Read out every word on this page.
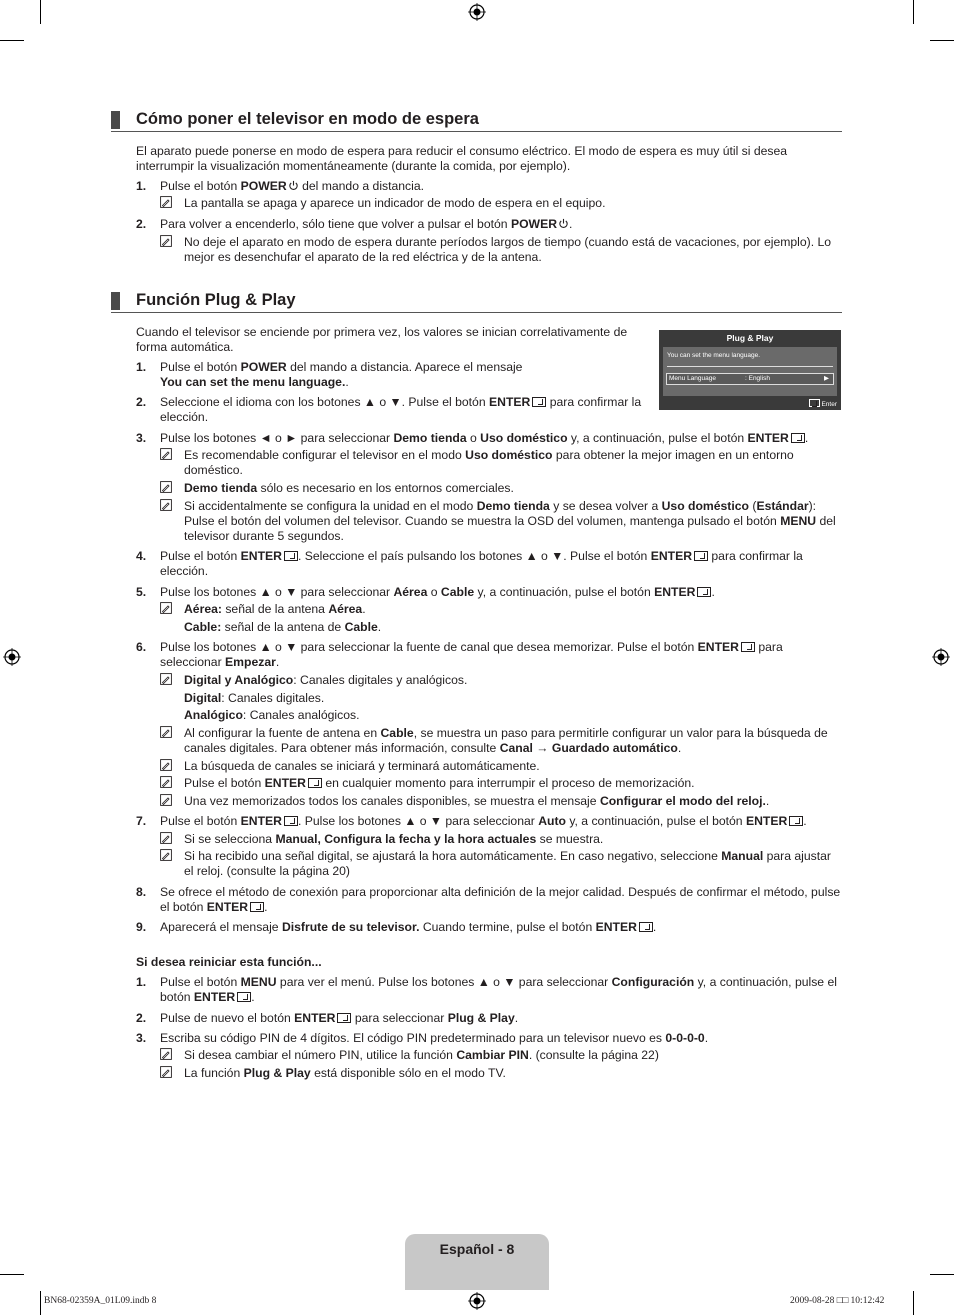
Cómo poner el televisor en modo de espera
El aparato puede ponerse en modo de espera para reducir el consumo eléctrico. El modo de espera es muy útil si desea interrumpir la visualización momentáneamente (durante la comida, por ejemplo).
1. Pulse el botón POWER del mando a distancia.
La pantalla se apaga y aparece un indicador de modo de espera en el equipo.
2. Para volver a encenderlo, sólo tiene que volver a pulsar el botón POWER .
No deje el aparato en modo de espera durante períodos largos de tiempo (cuando está de vacaciones, por ejemplo). Lo mejor es desenchufar el aparato de la red eléctrica y de la antena.
Función Plug & Play
Cuando el televisor se enciende por primera vez, los valores se inician correlativamente de forma automática.
Plug & Play
You can set the menu language.
Menu Language	: English	▶
Enter
1. Pulse el botón POWER del mando a distancia. Aparece el mensaje
You can set the menu language..
2. Seleccione el idioma con los botones ▲ o ▼. Pulse el botón ENTER para confirmar la elección.
3. Pulse los botones ◄ o ► para seleccionar Demo tienda o Uso doméstico y, a continuación, pulse el botón ENTER .
Es recomendable configurar el televisor en el modo Uso doméstico para obtener la mejor imagen en un entorno doméstico.
Demo tienda sólo es necesario en los entornos comerciales.
Si accidentalmente se configura la unidad en el modo Demo tienda y se desea volver a Uso doméstico (Estándar): Pulse el botón del volumen del televisor. Cuando se muestra la OSD del volumen, mantenga pulsado el botón MENU del televisor durante 5 segundos.
4. Pulse el botón ENTER . Seleccione el país pulsando los botones ▲ o ▼. Pulse el botón ENTER para confirmar la elección.
5. Pulse los botones ▲ o ▼ para seleccionar Aérea o Cable y, a continuación, pulse el botón ENTER .
Aérea: señal de la antena Aérea.
Cable: señal de la antena de Cable.
6. Pulse los botones ▲ o ▼ para seleccionar la fuente de canal que desea memorizar. Pulse el botón ENTER para seleccionar Empezar.
Digital y Analógico: Canales digitales y analógicos.
Digital: Canales digitales.
Analógico: Canales analógicos.
Al configurar la fuente de antena en Cable, se muestra un paso para permitirle configurar un valor para la búsqueda de canales digitales. Para obtener más información, consulte Canal → Guardado automático.
La búsqueda de canales se iniciará y terminará automáticamente.
Pulse el botón ENTER en cualquier momento para interrumpir el proceso de memorización.
Una vez memorizados todos los canales disponibles, se muestra el mensaje Configurar el modo del reloj..
7. Pulse el botón ENTER . Pulse los botones ▲ o ▼ para seleccionar Auto y, a continuación, pulse el botón ENTER .
Si se selecciona Manual, Configura la fecha y la hora actuales se muestra.
Si ha recibido una señal digital, se ajustará la hora automáticamente. En caso negativo, seleccione Manual para ajustar el reloj. (consulte la página 20)
8. Se ofrece el método de conexión para proporcionar alta definición de la mejor calidad. Después de confirmar el método, pulse el botón ENTER .
9. Aparecerá el mensaje Disfrute de su televisor. Cuando termine, pulse el botón ENTER .
Si desea reiniciar esta función...
1. Pulse el botón MENU para ver el menú. Pulse los botones ▲ o ▼ para seleccionar Configuración y, a continuación, pulse el botón ENTER .
2. Pulse de nuevo el botón ENTER para seleccionar Plug & Play.
3. Escriba su código PIN de 4 dígitos. El código PIN predeterminado para un televisor nuevo es 0-0-0-0.
Si desea cambiar el número PIN, utilice la función Cambiar PIN. (consulte la página 22)
La función Plug & Play está disponible sólo en el modo TV.
Español - 8
BN68-02359A_01L09.indb 8	2009-08-28 □□ 10:12:42
